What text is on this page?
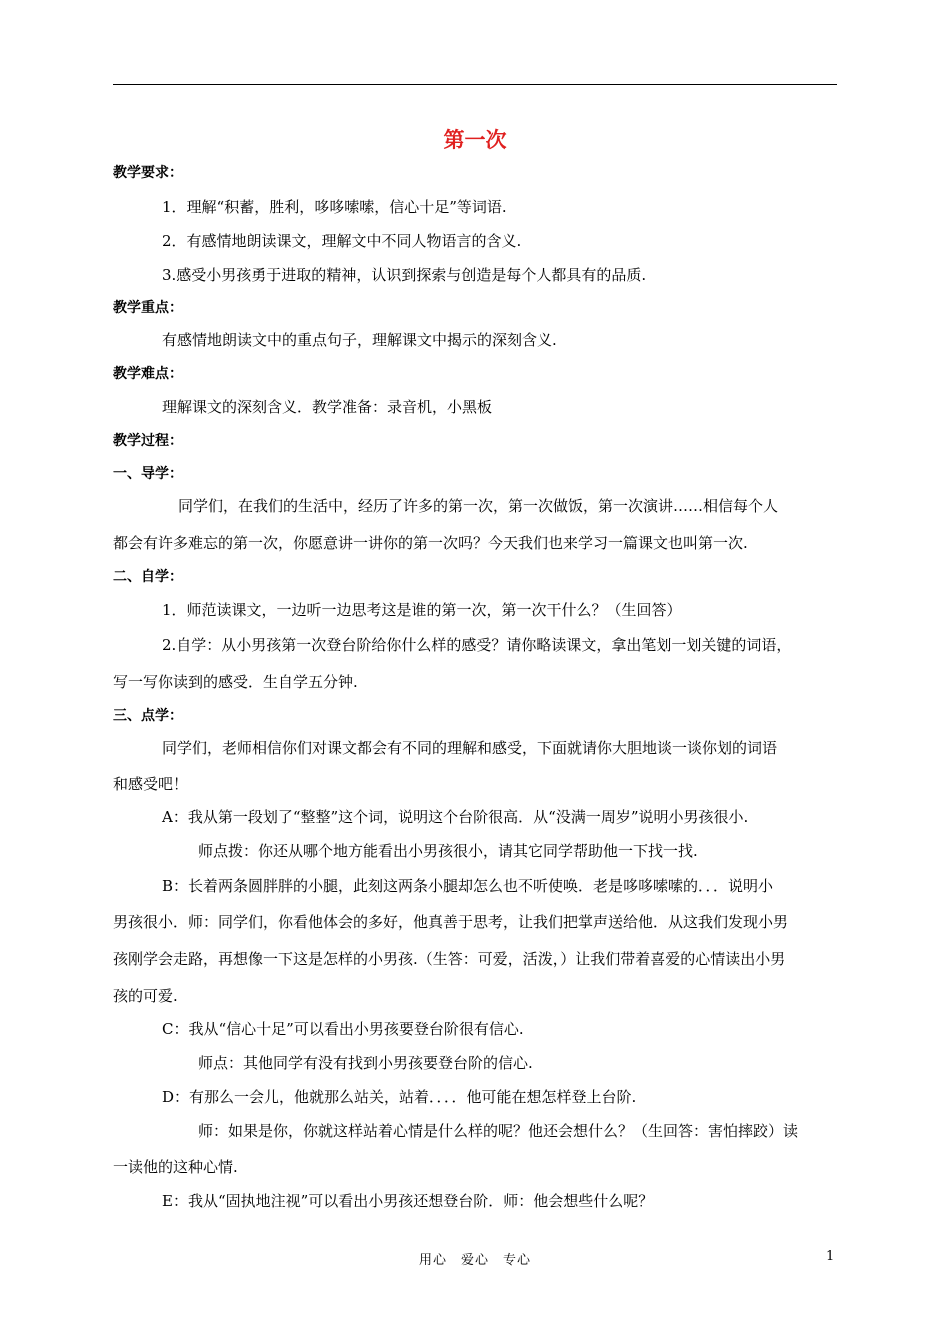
第一次
教学要求：
1．理解“积蓄，胜利，哆哆嗦嗦，信心十足”等词语.
2．有感情地朗读课文，理解文中不同人物语言的含义.
3.感受小男孩勇于进取的精神，认识到探索与创造是每个人都具有的品质.
教学重点：
有感情地朗读文中的重点句子，理解课文中揭示的深刻含义.
教学难点：
理解课文的深刻含义．教学准备：录音机，小黑板
教学过程：
一、导学：
同学们，在我们的生活中，经历了许多的第一次，第一次做饭，第一次演讲……相信每个人
都会有许多难忘的第一次，你愿意讲一讲你的第一次吗？今天我们也来学习一篇课文也叫第一次.
二、自学：
1．师范读课文，一边听一边思考这是谁的第一次，第一次干什么？（生回答）
2.自学：从小男孩第一次登台阶给你什么样的感受？请你略读课文，拿出笔划一划关键的词语，
写一写你读到的感受．生自学五分钟.
三、点学：
同学们，老师相信你们对课文都会有不同的理解和感受，下面就请你大胆地谈一谈你划的词语
和感受吧！
A：我从第一段划了“整整”这个词，说明这个台阶很高．从“没满一周岁”说明小男孩很小.
师点拨：你还从哪个地方能看出小男孩很小，请其它同学帮助他一下找一找.
B：长着两条圆胖胖的小腿，此刻这两条小腿却怎么也不听使唤．老是哆哆嗦嗦的．．．说明小
男孩很小．师：同学们，你看他体会的多好，他真善于思考，让我们把掌声送给他．从这我们发现小男
孩刚学会走路，再想像一下这是怎样的小男孩.（生答：可爱，活泼，）让我们带着喜爱的心情读出小男
孩的可爱.
C：我从“信心十足”可以看出小男孩要登台阶很有信心.
师点：其他同学有没有找到小男孩要登台阶的信心.
D：有那么一会儿，他就那么站关，站着．．．．他可能在想怎样登上台阶.
师：如果是你，你就这样站着心情是什么样的呢？他还会想什么？（生回答：害怕摔跤）读
一读他的这种心情.
E：我从“固执地注视”可以看出小男孩还想登台阶．师：他会想些什么呢？
用心　爱心　专心	1
